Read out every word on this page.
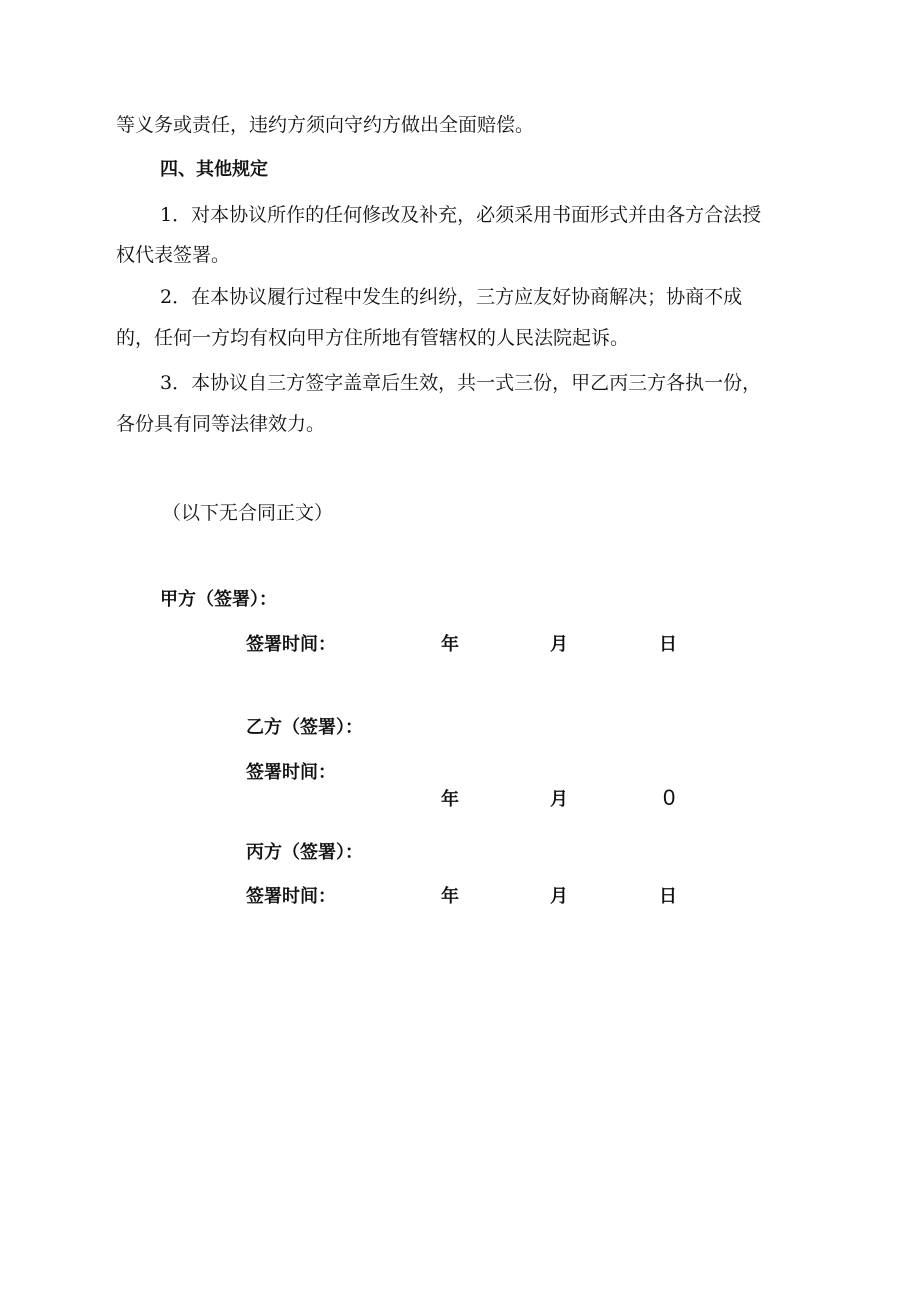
等义务或责任，违约方须向守约方做出全面赔偿。
四、其他规定
1．对本协议所作的任何修改及补充，必须采用书面形式并由各方合法授
权代表签署。
2．在本协议履行过程中发生的纠纷，三方应友好协商解决；协商不成
的，任何一方均有权向甲方住所地有管辖权的人民法院起诉。
3．本协议自三方签字盖章后生效，共一式三份，甲乙丙三方各执一份，
各份具有同等法律效力。
（以下无合同正文）
甲方（签署）：
签署时间：	年	月	日
乙方（签署）：
签署时间：
年	月	0
丙方（签署）：
签署时间：	年	月	日
